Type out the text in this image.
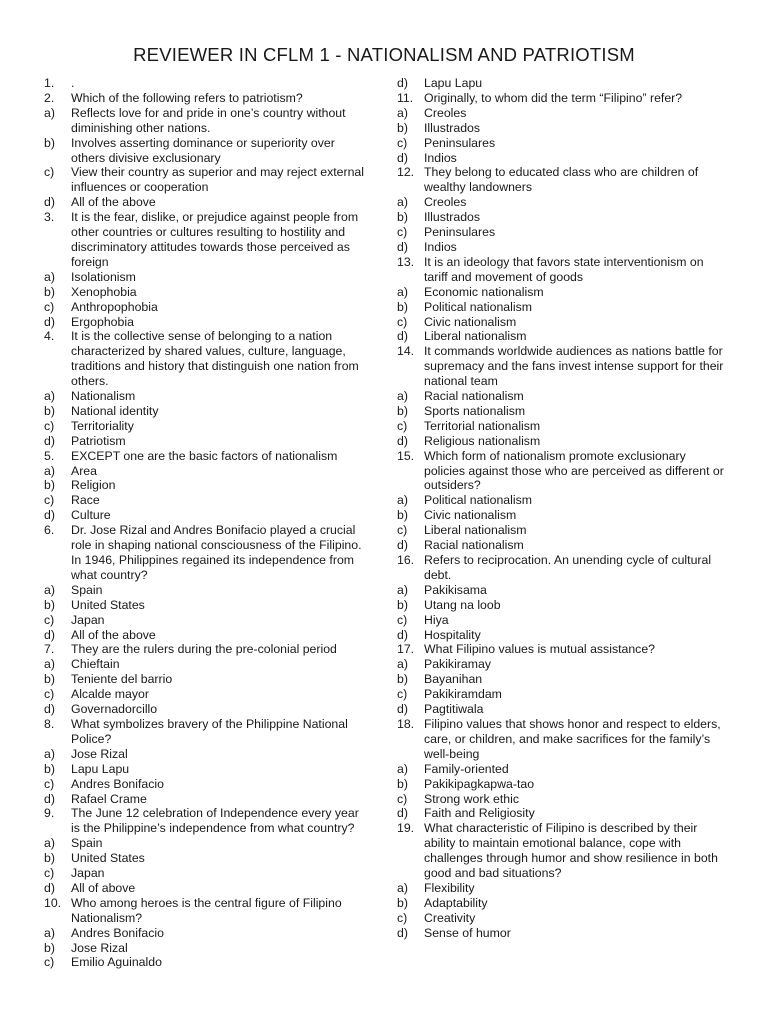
REVIEWER IN CFLM 1 - NATIONALISM AND PATRIOTISM
1. .
2. Which of the following refers to patriotism?
a) Reflects love for and pride in one’s country without diminishing other nations.
b) Involves asserting dominance or superiority over others divisive exclusionary
c) View their country as superior and may reject external influences or cooperation
d) All of the above
3. It is the fear, dislike, or prejudice against people from other countries or cultures resulting to hostility and discriminatory attitudes towards those perceived as foreign
a) Isolationism
b) Xenophobia
c) Anthropophobia
d) Ergophobia
4. It is the collective sense of belonging to a nation characterized by shared values, culture, language, traditions and history that distinguish one nation from others.
a) Nationalism
b) National identity
c) Territoriality
d) Patriotism
5. EXCEPT one are the basic factors of nationalism
a) Area
b) Religion
c) Race
d) Culture
6. Dr. Jose Rizal and Andres Bonifacio played a crucial role in shaping national consciousness of the Filipino. In 1946, Philippines regained its independence from what country?
a) Spain
b) United States
c) Japan
d) All of the above
7. They are the rulers during the pre-colonial period
a) Chieftain
b) Teniente del barrio
c) Alcalde mayor
d) Governadorcillo
8. What symbolizes bravery of the Philippine National Police?
a) Jose Rizal
b) Lapu Lapu
c) Andres Bonifacio
d) Rafael Crame
9. The June 12 celebration of Independence every year is the Philippine’s independence from what country?
a) Spain
b) United States
c) Japan
d) All of above
10. Who among heroes is the central figure of Filipino Nationalism?
a) Andres Bonifacio
b) Jose Rizal
c) Emilio Aguinaldo
d) Lapu Lapu
11. Originally, to whom did the term “Filipino” refer?
a) Creoles
b) Illustrados
c) Peninsulares
d) Indios
12. They belong to educated class who are children of wealthy landowners
a) Creoles
b) Illustrados
c) Peninsulares
d) Indios
13. It is an ideology that favors state interventionism on tariff and movement of goods
a) Economic nationalism
b) Political nationalism
c) Civic nationalism
d) Liberal nationalism
14. It commands worldwide audiences as nations battle for supremacy and the fans invest intense support for their national team
a) Racial nationalism
b) Sports nationalism
c) Territorial nationalism
d) Religious nationalism
15. Which form of nationalism promote exclusionary policies against those who are perceived as different or outsiders?
a) Political nationalism
b) Civic nationalism
c) Liberal nationalism
d) Racial nationalism
16. Refers to reciprocation. An unending cycle of cultural debt.
a) Pakikisama
b) Utang na loob
c) Hiya
d) Hospitality
17. What Filipino values is mutual assistance?
a) Pakikiramay
b) Bayanihan
c) Pakikiramdam
d) Pagtitiwala
18. Filipino values that shows honor and respect to elders, care, or children, and make sacrifices for the family’s well-being
a) Family-oriented
b) Pakikipagkapwa-tao
c) Strong work ethic
d) Faith and Religiosity
19. What characteristic of Filipino is described by their ability to maintain emotional balance, cope with challenges through humor and show resilience in both good and bad situations?
a) Flexibility
b) Adaptability
c) Creativity
d) Sense of humor
